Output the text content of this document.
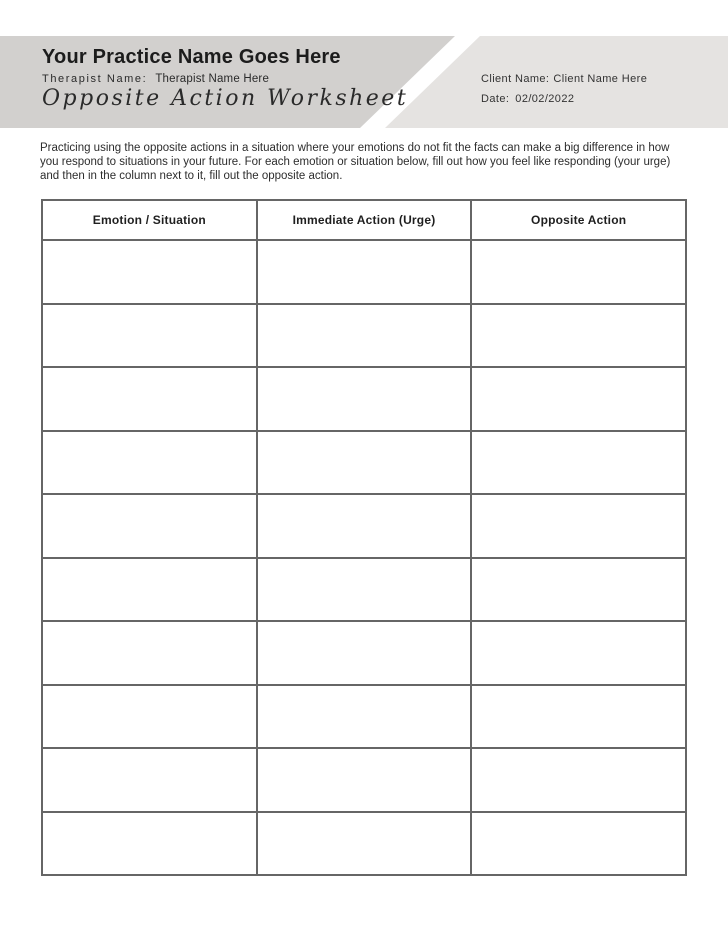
Your Practice Name Goes Here
Therapist Name: Therapist Name Here
Opposite Action Worksheet
Client Name: Client Name Here
Date: 02/02/2022

Practicing using the opposite actions in a situation where your emotions do not fit the facts can make a big difference in how you respond to situations in your future. For each emotion or situation below, fill out how you feel like responding (your urge) and then in the column next to it, fill out the opposite action.

Emotion / Situation	Immediate Action (Urge)	Opposite Action
